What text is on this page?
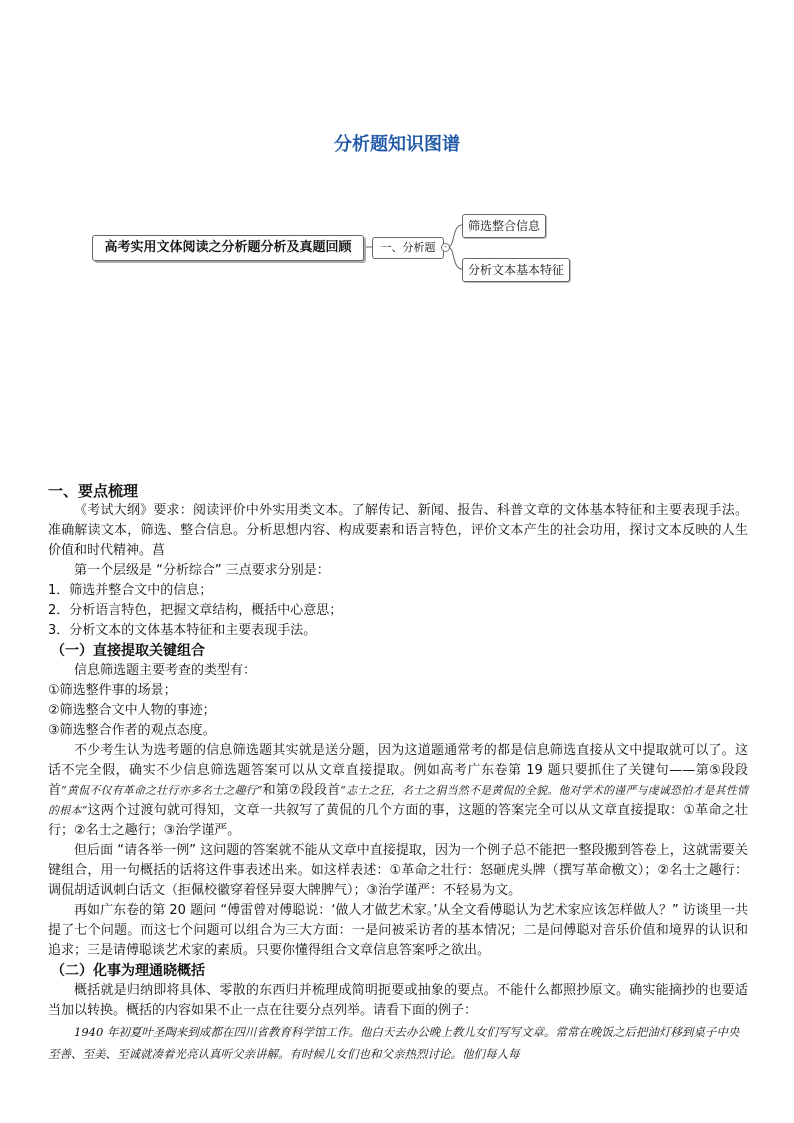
分析题知识图谱
高考实用文体阅读之分析题分析及真题回顾	一、分析题	-
筛选整合信息
分析文本基本特征
一、要点梳理
《考试大纲》要求：阅读评价中外实用类文本。了解传记、新闻、报告、科普文章的文体基本特征和主要表现手法。准确解读文本，筛选、整合信息。分析思想内容、构成要素和语言特色，评价文本产生的社会功用，探讨文本反映的人生价值和时代精神。菖
第一个层级是 “分析综合” 三点要求分别是：
1．筛选并整合文中的信息；
2．分析语言特色，把握文章结构，概括中心意思；
3．分析文本的文体基本特征和主要表现手法。
（一）直接提取关键组合
信息筛选题主要考查的类型有：
①筛选整件事的场景；
②筛选整合文中人物的事迹；
③筛选整合作者的观点态度。
不少考生认为选考题的信息筛选题其实就是送分题，因为这道题通常考的都是信息筛选直接从文中提取就可以了。这话不完全假，确实不少信息筛选题答案可以从文章直接提取。例如高考广东卷第 19 题只要抓住了关键句——第⑤段段首“黄侃不仅有革命之壮行亦多名士之趣行”和第⑦段段首“志士之狂，名士之狷当然不是黄侃的全貌。他对学术的谨严与虔诚恐怕才是其性情的根本”这两个过渡句就可得知，文章一共叙写了黄侃的几个方面的事，这题的答案完全可以从文章直接提取：①革命之壮行；②名士之趣行；③治学谨严。
但后面 “请各举一例” 这问题的答案就不能从文章中直接提取，因为一个例子总不能把一整段搬到答卷上，这就需要关键组合，用一句概括的话将这件事表述出来。如这样表述：①革命之壮行：怒砸虎头牌（撰写革命檄文）；②名士之趣行：调侃胡适讽刺白话文（拒佩校徽穿着怪异耍大牌脾气）；③治学谨严：不轻易为文。
再如广东卷的第 20 题问 “傅雷曾对傅聪说：‘做人才做艺术家。’从全文看傅聪认为艺术家应该怎样做人？” 访谈里一共提了七个问题。而这七个问题可以组合为三大方面：一是问被采访者的基本情况；二是问傅聪对音乐价值和境界的认识和追求；三是请傅聪谈艺术家的素质。只要你懂得组合文章信息答案呼之欲出。
（二）化事为理通晓概括
概括就是归纳即将具体、零散的东西归并梳理成简明扼要或抽象的要点。不能什么都照抄原文。确实能摘抄的也要适当加以转换。概括的内容如果不止一点在往要分点列举。请看下面的例子：
1940 年初夏叶圣陶来到成都在四川省教育科学馆工作。他白天去办公晚上教儿女们写写文章。常常在晚饭之后把油灯移到桌子中央至善、至美、至诚就凑着光亮认真听父亲讲解。有时候儿女们也和父亲热烈讨论。他们每人每
